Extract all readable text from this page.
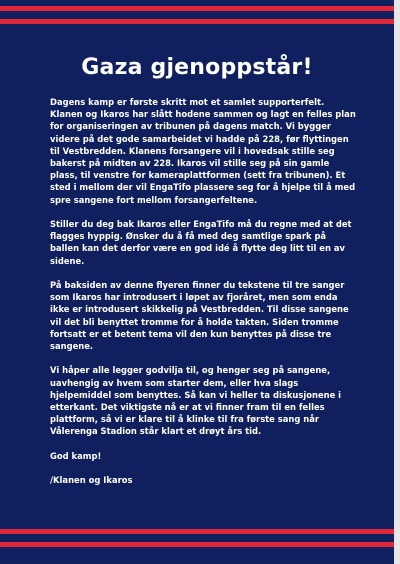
Gaza gjenoppstår!

Dagens kamp er første skritt mot et samlet supporterfelt. Klanen og Ikaros har slått hodene sammen og lagt en felles plan for organiseringen av tribunen på dagens match. Vi bygger videre på det gode samarbeidet vi hadde på 228, før flyttingen til Vestbredden. Klanens forsangere vil i hovedsak stille seg bakerst på midten av 228. Ikaros vil stille seg på sin gamle plass, til venstre for kameraplattformen (sett fra tribunen). Et sted i mellom der vil EngaTifo plassere seg for å hjelpe til å med spre sangene fort mellom forsangerfeltene.

Stiller du deg bak Ikaros eller EngaTifo må du regne med at det flagges hyppig. Ønsker du å få med deg samtlige spark på ballen kan det derfor være en god idé å flytte deg litt til en av sidene.

På baksiden av denne flyeren finner du tekstene til tre sanger som Ikaros har introdusert i løpet av fjoråret, men som enda ikke er introdusert skikkelig på Vestbredden. Til disse sangene vil det bli benyttet tromme for å holde takten. Siden tromme fortsatt er et betent tema vil den kun benyttes på disse tre sangene.

Vi håper alle legger godvilja til, og henger seg på sangene, uavhengig av hvem som starter dem, eller hva slags hjelpemiddel som benyttes. Så kan vi heller ta diskusjonene i etterkant. Det viktigste nå er at vi finner fram til en felles plattform, så vi er klare til å klinke til fra første sang når Vålerenga Stadion står klart et drøyt års tid.

God kamp!

/Klanen og Ikaros
